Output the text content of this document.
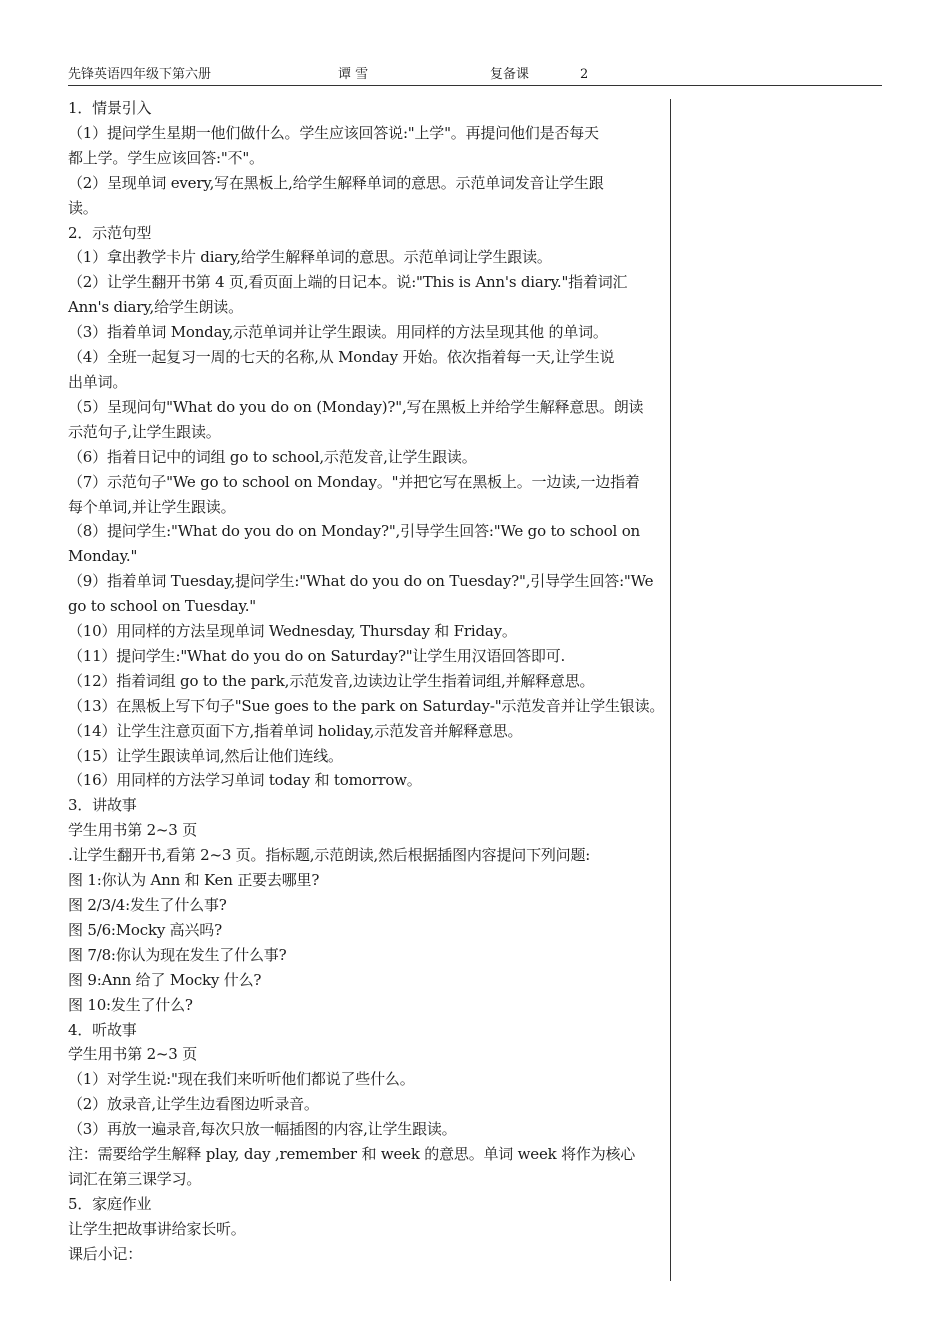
先锋英语四年级下第六册	谭 雪	复备课	2

1．情景引入

（1）提问学生星期一他们做什么。学生应该回答说:"上学"。再提问他们是否每天

都上学。学生应该回答:"不"。

（2）呈现单词 every,写在黑板上,给学生解释单词的意思。示范单词发音让学生跟

读。

2．示范句型

（1）拿出教学卡片 diary,给学生解释单词的意思。示范单词让学生跟读。

（2）让学生翻开书第 4 页,看页面上端的日记本。说:"This is Ann's diary."指着词汇

Ann's diary,给学生朗读。

（3）指着单词 Monday,示范单词并让学生跟读。用同样的方法呈现其他 的单词。

（4）全班一起复习一周的七天的名称,从 Monday 开始。依次指着每一天,让学生说

出单词。

（5）呈现问句"What do you do on (Monday)?",写在黑板上并给学生解释意思。朗读

示范句子,让学生跟读。

（6）指着日记中的词组 go to school,示范发音,让学生跟读。

（7）示范句子"We go to school on Monday。"并把它写在黑板上。一边读,一边指着

每个单词,并让学生跟读。

（8）提问学生:"What do you do on Monday?",引导学生回答:"We go to school on

Monday."

（9）指着单词 Tuesday,提问学生:"What do you do on Tuesday?",引导学生回答:"We

go to school on Tuesday."

（10）用同样的方法呈现单词 Wednesday, Thursday 和 Friday。

（11）提问学生:"What do you do on Saturday?"让学生用汉语回答即可.

（12）指着词组 go to the park,示范发音,边读边让学生指着词组,并解释意思。

（13）在黑板上写下句子"Sue goes to the park on Saturday-"示范发音并让学生银读。

（14）让学生注意页面下方,指着单词 holiday,示范发音并解释意思。

（15）让学生跟读单词,然后让他们连线。

（16）用同样的方法学习单词 today 和 tomorrow。

3．讲故事

学生用书第 2~3 页

.让学生翻开书,看第 2~3 页。指标题,示范朗读,然后根据插图内容提问下列问题:

图 1:你认为 Ann 和 Ken 正要去哪里?

图 2/3/4:发生了什么事?

图 5/6:Mocky 高兴吗?

图 7/8:你认为现在发生了什么事?

图 9:Ann 给了 Mocky 什么?

图 10:发生了什么?

4．听故事

学生用书第 2~3 页

（1）对学生说:"现在我们来听听他们都说了些什么。

（2）放录音,让学生边看图边听录音。

（3）再放一遍录音,每次只放一幅插图的内容,让学生跟读。

注：需要给学生解释 play, day ,remember 和 week 的意思。单词 week 将作为核心

词汇在第三课学习。

5．家庭作业

让学生把故事讲给家长听。

课后小记：
